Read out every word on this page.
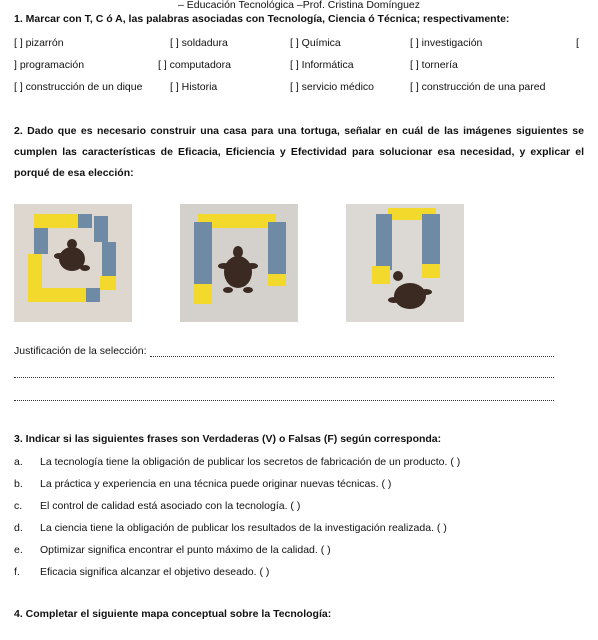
– Educación Tecnológica –Prof. Cristina Domínguez
1. Marcar con T, C ó A, las palabras asociadas con Tecnología, Ciencia ó Técnica; respectivamente:
[ ] pizarrón	[ ] soldadura	[ ] Química	[ ] investigación	[
] programación	[ ] computadora	[ ] Informática	[ ] tornería
[ ] construcción de un dique	[ ] Historia	[ ] servicio médico	[ ] construcción de una pared
2. Dado que es necesario construir una casa para una tortuga, señalar en cuál de las imágenes siguientes se cumplen las características de Eficacia, Eficiencia y Efectividad para solucionar esa necesidad, y explicar el porqué de esa elección:
Justificación de la selección:
3. Indicar si las siguientes frases son Verdaderas (V) o Falsas (F) según corresponda:
a. La tecnología tiene la obligación de publicar los secretos de fabricación de un producto. ( )
b. La práctica y experiencia en una técnica puede originar nuevas técnicas. ( )
c. El control de calidad está asociado con la tecnología. ( )
d. La ciencia tiene la obligación de publicar los resultados de la investigación realizada. ( )
e. Optimizar significa encontrar el punto máximo de la calidad. ( )
f. Eficacia significa alcanzar el objetivo deseado. ( )
4. Completar el siguiente mapa conceptual sobre la Tecnología:
